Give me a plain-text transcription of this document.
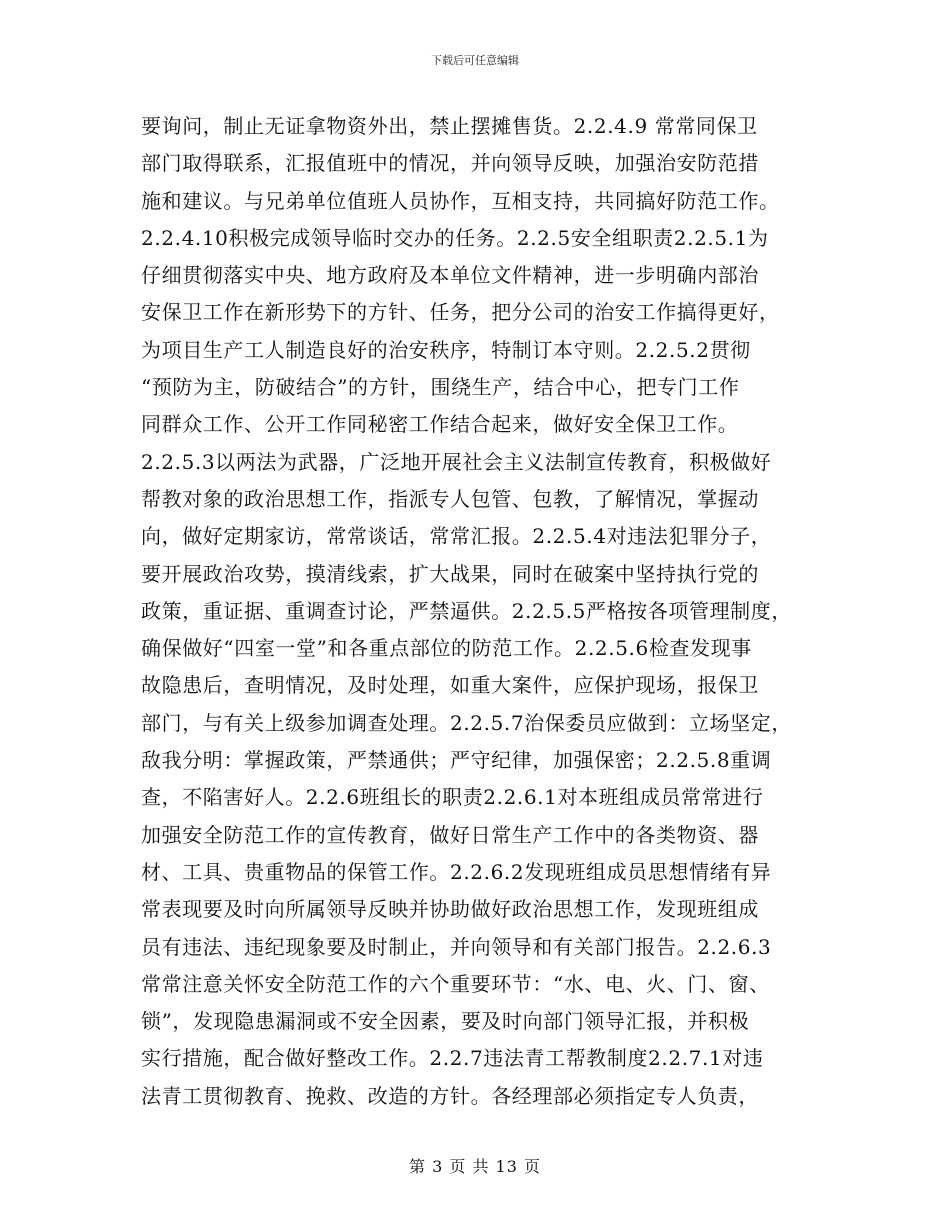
下载后可任意编辑
要询问，制止无证拿物资外出，禁止摆摊售货。2.2.4.9 常常同保卫
部门取得联系，汇报值班中的情况，并向领导反映，加强治安防范措
施和建议。与兄弟单位值班人员协作，互相支持，共同搞好防范工作。
2.2.4.10积极完成领导临时交办的任务。2.2.5安全组职责2.2.5.1为
仔细贯彻落实中央、地方政府及本单位文件精神，进一步明确内部治
安保卫工作在新形势下的方针、任务，把分公司的治安工作搞得更好，
为项目生产工人制造良好的治安秩序，特制订本守则。2.2.5.2贯彻
“预防为主，防破结合”的方针，围绕生产，结合中心，把专门工作
同群众工作、公开工作同秘密工作结合起来，做好安全保卫工作。
2.2.5.3以两法为武器，广泛地开展社会主义法制宣传教育，积极做好
帮教对象的政治思想工作，指派专人包管、包教，了解情况，掌握动
向，做好定期家访，常常谈话，常常汇报。2.2.5.4对违法犯罪分子，
要开展政治攻势，摸清线索，扩大战果，同时在破案中坚持执行党的
政策，重证据、重调查讨论，严禁逼供。2.2.5.5严格按各项管理制度，
确保做好“四室一堂”和各重点部位的防范工作。2.2.5.6检查发现事
故隐患后，查明情况，及时处理，如重大案件，应保护现场，报保卫
部门，与有关上级参加调查处理。2.2.5.7治保委员应做到：立场坚定，
敌我分明：掌握政策，严禁通供；严守纪律，加强保密；2.2.5.8重调
查，不陷害好人。2.2.6班组长的职责2.2.6.1对本班组成员常常进行
加强安全防范工作的宣传教育，做好日常生产工作中的各类物资、器
材、工具、贵重物品的保管工作。2.2.6.2发现班组成员思想情绪有异
常表现要及时向所属领导反映并协助做好政治思想工作，发现班组成
员有违法、违纪现象要及时制止，并向领导和有关部门报告。2.2.6.3
常常注意关怀安全防范工作的六个重要环节：“水、电、火、门、窗、
锁”，发现隐患漏洞或不安全因素，要及时向部门领导汇报，并积极
实行措施，配合做好整改工作。2.2.7违法青工帮教制度2.2.7.1对违
法青工贯彻教育、挽救、改造的方针。各经理部必须指定专人负责，
第 3 页 共 13 页
